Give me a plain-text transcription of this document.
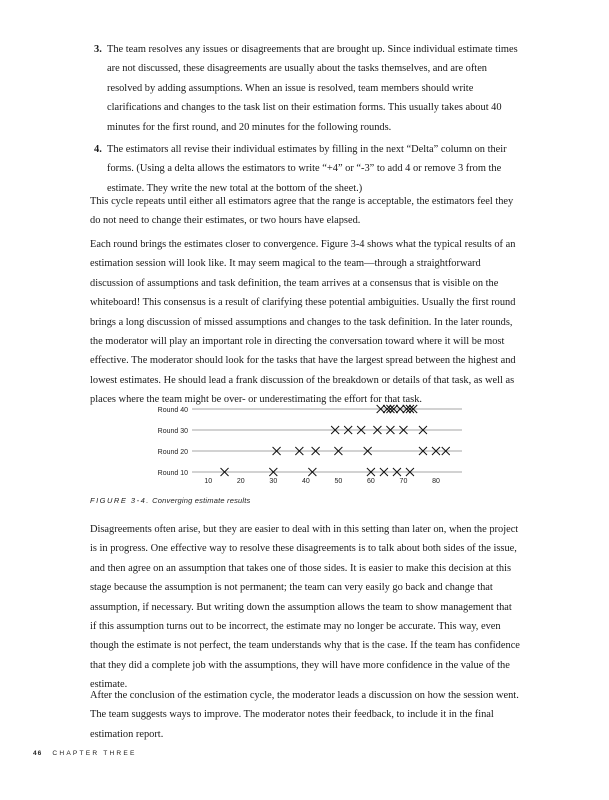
3. The team resolves any issues or disagreements that are brought up. Since individual estimate times are not discussed, these disagreements are usually about the tasks themselves, and are often resolved by adding assumptions. When an issue is resolved, team members should write clarifications and changes to the task list on their estimation forms. This usually takes about 40 minutes for the first round, and 20 minutes for the following rounds.
4. The estimators all revise their individual estimates by filling in the next “Delta” column on their forms. (Using a delta allows the estimators to write “+4” or “-3” to add 4 or remove 3 from the estimate. They write the new total at the bottom of the sheet.)

This cycle repeats until either all estimators agree that the range is acceptable, the estimators feel they do not need to change their estimates, or two hours have elapsed.

Each round brings the estimates closer to convergence. Figure 3-4 shows what the typical results of an estimation session will look like. It may seem magical to the team—through a straightforward discussion of assumptions and task definition, the team arrives at a consensus that is visible on the whiteboard! This consensus is a result of clarifying these potential ambiguities. Usually the first round brings a long discussion of missed assumptions and changes to the task definition. In the later rounds, the moderator will play an important role in directing the conversation toward where it will be most effective. The moderator should look for the tasks that have the largest spread between the highest and lowest estimates. He should lead a frank discussion of the breakdown or details of that task, as well as places where the team might be over- or underestimating the effort for that task.

Round 40
Round 30
Round 20
Round 10
10	20	30	40	50	60	70	80
FIGURE 3-4. Converging estimate results

Disagreements often arise, but they are easier to deal with in this setting than later on, when the project is in progress. One effective way to resolve these disagreements is to talk about both sides of the issue, and then agree on an assumption that takes one of those sides. It is easier to make this decision at this stage because the assumption is not permanent; the team can very easily go back and change that assumption, if necessary. But writing down the assumption allows the team to show management that if this assumption turns out to be incorrect, the estimate may no longer be accurate. This way, even though the estimate is not perfect, the team understands why that is the case. If the team has confidence that they did a complete job with the assumptions, they will have more confidence in the value of the estimate.

After the conclusion of the estimation cycle, the moderator leads a discussion on how the session went. The team suggests ways to improve. The moderator notes their feedback, to include it in the final estimation report.

46 CHAPTER THREE
